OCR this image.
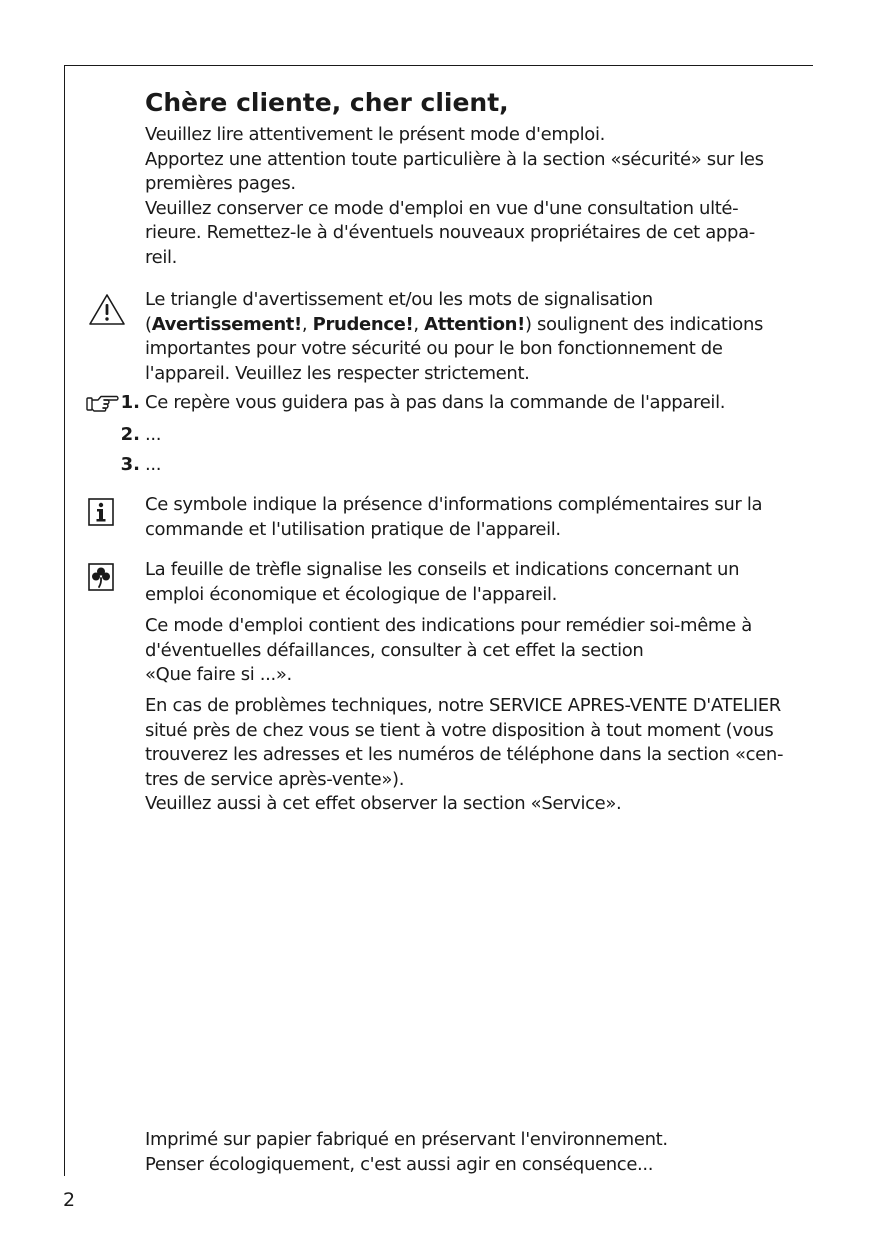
Chère cliente, cher client,
Veuillez lire attentivement le présent mode d'emploi.
Apportez une attention toute particulière à la section «sécurité» sur les
premières pages.
Veuillez conserver ce mode d'emploi en vue d'une consultation ulté-
rieure. Remettez-le à d'éventuels nouveaux propriétaires de cet appa-
reil.
Le triangle d'avertissement et/ou les mots de signalisation
(Avertissement!, Prudence!, Attention!) soulignent des indications
importantes pour votre sécurité ou pour le bon fonctionnement de
l'appareil. Veuillez les respecter strictement.
1. Ce repère vous guidera pas à pas dans la commande de l'appareil.
2. ...
3. ...
Ce symbole indique la présence d'informations complémentaires sur la
commande et l'utilisation pratique de l'appareil.
La feuille de trèfle signalise les conseils et indications concernant un
emploi économique et écologique de l'appareil.
Ce mode d'emploi contient des indications pour remédier soi-même à
d'éventuelles défaillances, consulter à cet effet la section
«Que faire si ...».
En cas de problèmes techniques, notre SERVICE APRES-VENTE D'ATELIER
situé près de chez vous se tient à votre disposition à tout moment (vous
trouverez les adresses et les numéros de téléphone dans la section «cen-
tres de service après-vente»).
Veuillez aussi à cet effet observer la section «Service».
Imprimé sur papier fabriqué en préservant l'environnement.
Penser écologiquement, c'est aussi agir en conséquence...
2
